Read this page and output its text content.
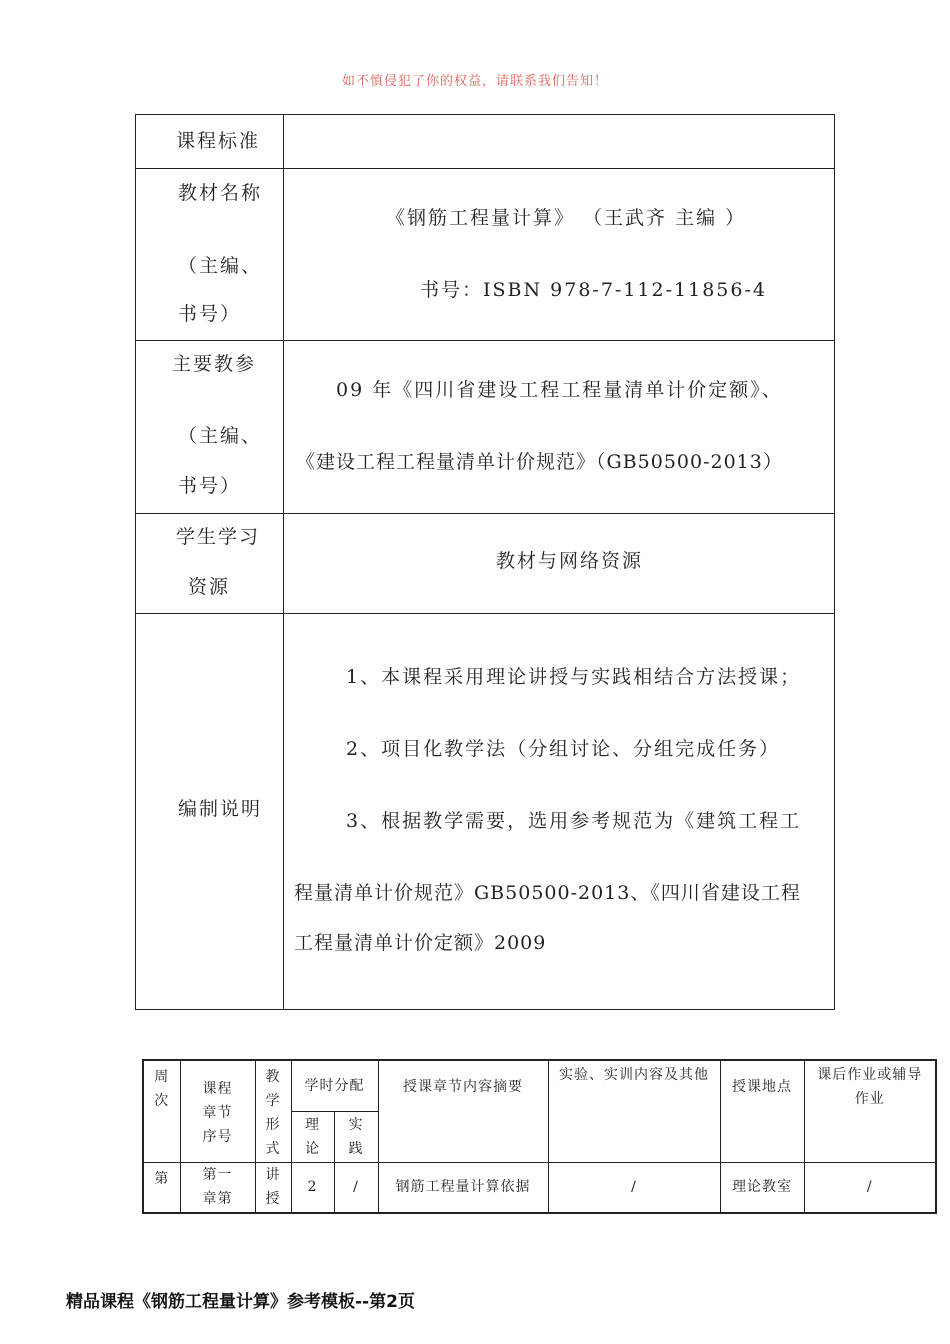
如不慎侵犯了你的权益，请联系我们告知！
课程标准	

教材名称
（主编、
书号）	《钢筋工程量计算》 （王武齐 主编 ）
书号：ISBN 978-7-112-11856-4

主要教参
（主编、
书号）	09 年《四川省建设工程工程量清单计价定额》、
《建设工程工程量清单计价规范》（GB50500-2013）

学生学习
资源	教材与网络资源

编制说明	1、本课程采用理论讲授与实践相结合方法授课；
2、项目化教学法（分组讨论、分组完成任务）
3、根据教学需要，选用参考规范为《建筑工程工
程量清单计价规范》GB50500-2013、《四川省建设工程
工程量清单计价定额》2009
周次	课程章节序号	教学形式	学时分配		授课章节内容摘要	实验、实训内容及其他	授课地点	课后作业或辅导作业

			理论	实践				

第	第一章第	讲授	2	/	钢筋工程量计算依据	/	理论教室	/
精品课程《钢筋工程量计算》参考模板--第2页
